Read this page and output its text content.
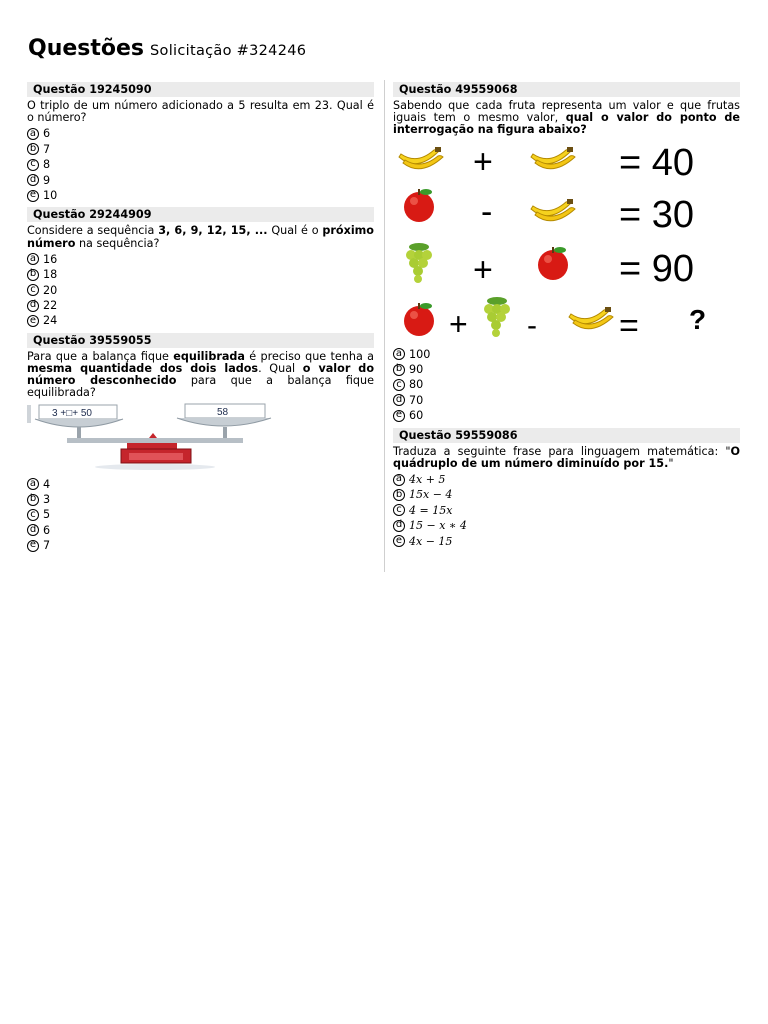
Questões Solicitação #324246
Questão 19245090
O triplo de um número adicionado a 5 resulta em 23. Qual é o número?
a 6
b 7
c 8
d 9
e 10
Questão 29244909
Considere a sequência 3, 6, 9, 12, 15, ... Qual é o próximo número na sequência?
a 16
b 18
c 20
d 22
e 24
Questão 39559055
Para que a balança fique equilibrada é preciso que tenha a mesma quantidade dos dois lados. Qual o valor do número desconhecido para que a balança fique equilibrada?
3 +□+ 50	58
a 4
b 3
c 5
d 6
e 7
Questão 49559068
Sabendo que cada fruta representa um valor e que frutas iguais tem o mesmo valor, qual o valor do ponto de interrogação na figura abaixo?
+	= 40
-	= 30
+	= 90
+ - = ?
a 100
b 90
c 80
d 70
e 60
Questão 59559086
Traduza a seguinte frase para linguagem matemática: "O quádruplo de um número diminuído por 15."
a 4x + 5
b 15x − 4
c 4 = 15x
d 15 − x ∗ 4
e 4x − 15
